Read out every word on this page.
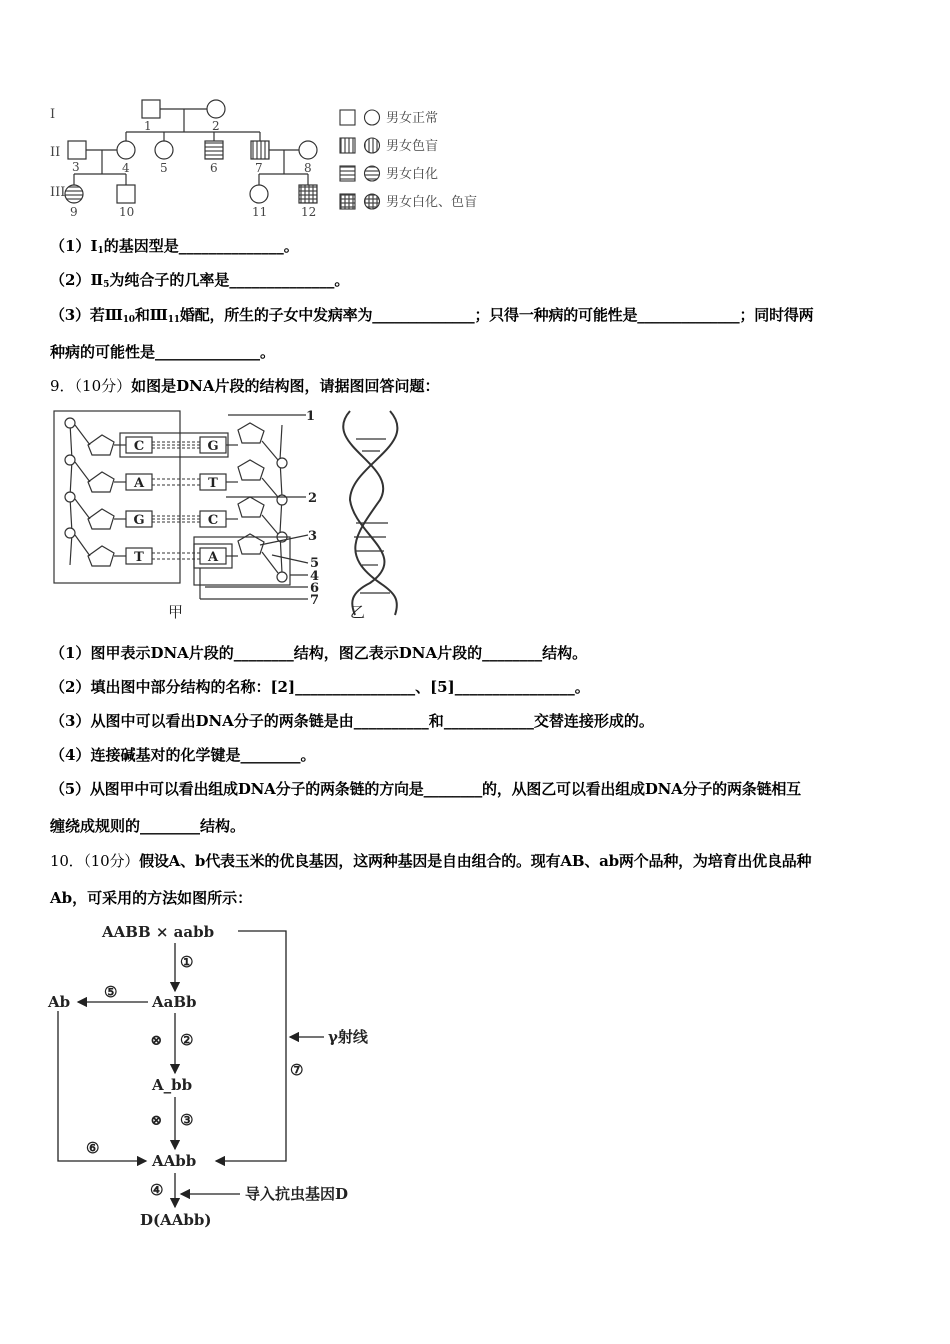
I
II
III
1	2
3	4	5	6	7	8
9	10	11	12
男女正常
男女色盲
男女白化
男女白化、色盲
$(1)Ⅰ_1$的基因型是______________。
$(2)Ⅱ_5$为纯合子的几率是______________。
（3）若$Ⅲ_{10}$和$Ⅲ_{11}$婚配，所生的子女中发病率为______________；只得一种病的可能性是______________；同时得两
种病的可能性是______________。
9．（10分）如图是DNA片段的结构图，请据图回答问题：
C	G
A	T
G	C
T	A
1
2
3
5
4
6
7
甲	乙
（1）图甲表示DNA片段的________结构，图乙表示DNA片段的________结构。
（2）填出图中部分结构的名称：[2]________________、[5]________________。
（3）从图中可以看出DNA分子的两条链是由__________和____________交替连接形成的。
（4）连接碱基对的化学键是________。
（5）从图甲中可以看出组成DNA分子的两条链的方向是________的，从图乙可以看出组成DNA分子的两条链相互
缠绕成规则的________结构。
10．（10分）假设A、b代表玉米的优良基因，这两种基因是自由组合的。现有AB、ab两个品种，为培育出优良品种
Ab，可采用的方法如图所示：
AABB × aabb
AaBb
Ab
A_bb
AAbb
D(AAbb)
γ射线
导入抗虫基因D
①
②
③
④
⑤
⑥
⑦
⊗
⊗
